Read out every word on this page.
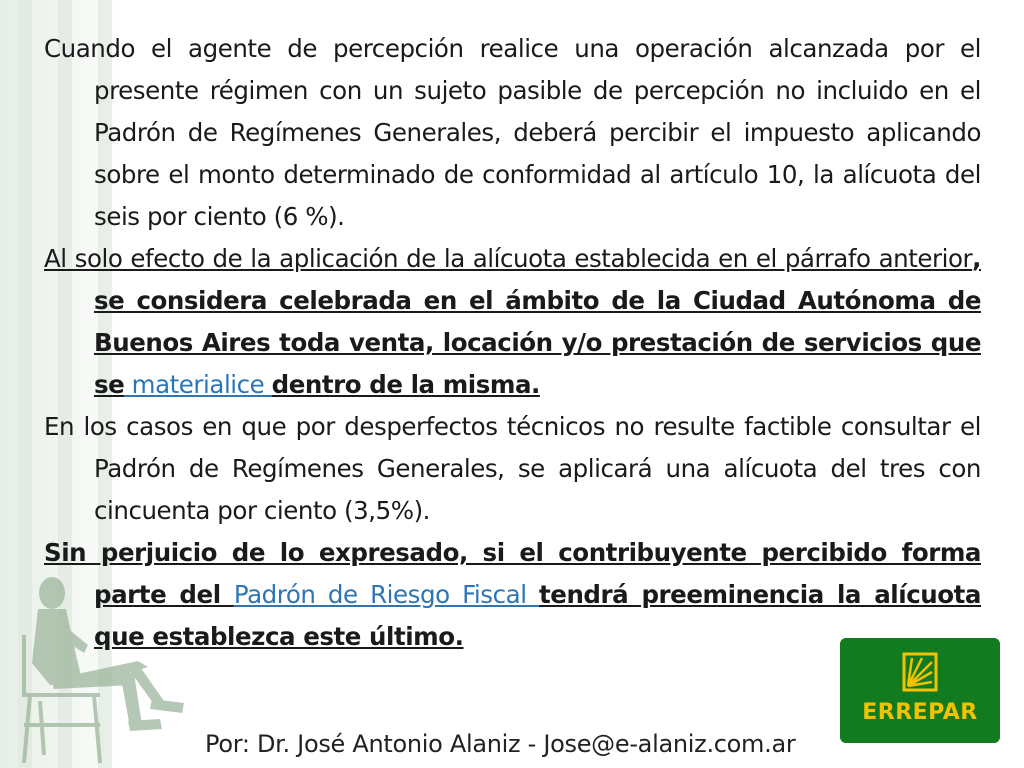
Cuando el agente de percepción realice una operación alcanzada por el presente régimen con un sujeto pasible de percepción no incluido en el Padrón de Regímenes Generales, deberá percibir el impuesto aplicando sobre el monto determinado de conformidad al artículo 10, la alícuota del seis por ciento (6 %).

Al solo efecto de la aplicación de la alícuota establecida en el párrafo anterior, se considera celebrada en el ámbito de la Ciudad Autónoma de Buenos Aires toda venta, locación y/o prestación de servicios que se materialice dentro de la misma.

En los casos en que por desperfectos técnicos no resulte factible consultar el Padrón de Regímenes Generales, se aplicará una alícuota del tres con cincuenta por ciento (3,5%).

Sin perjuicio de lo expresado, si el contribuyente percibido forma parte del Padrón de Riesgo Fiscal tendrá preeminencia la alícuota que establezca este último.

ERREPAR
Por: Dr. José Antonio Alaniz - Jose@e-alaniz.com.ar
